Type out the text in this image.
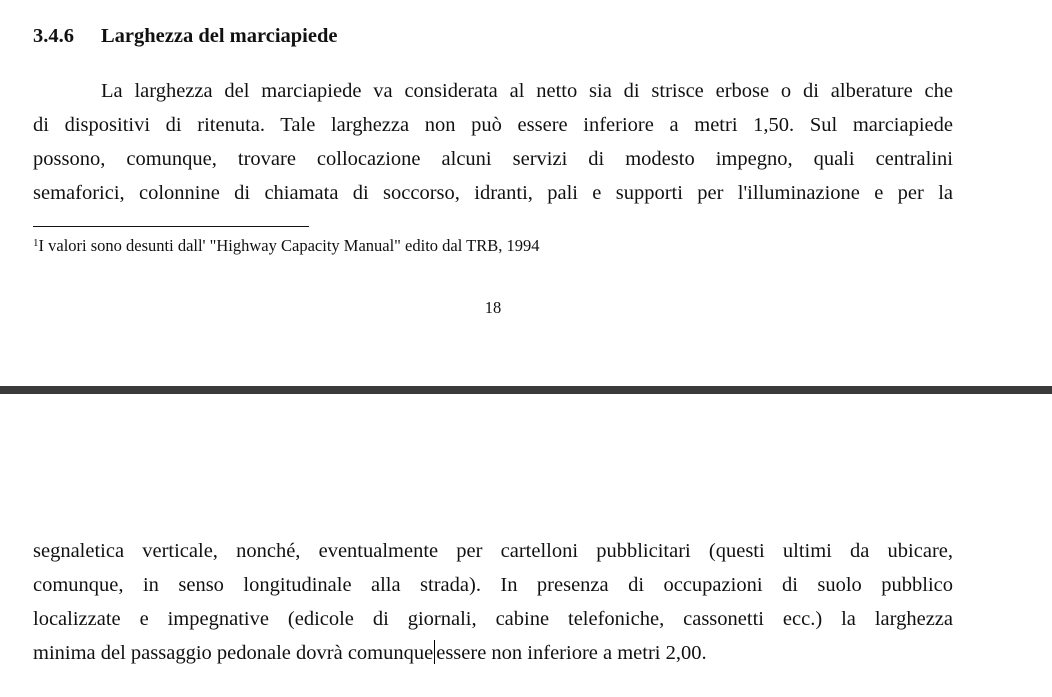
3.4.6 Larghezza del marciapiede
La larghezza del marciapiede va considerata al netto sia di strisce erbose o di alberature che
di dispositivi di ritenuta. Tale larghezza non può essere inferiore a metri 1,50. Sul marciapiede
possono, comunque, trovare collocazione alcuni servizi di modesto impegno, quali centralini
semaforici, colonnine di chiamata di soccorso, idranti, pali e supporti per l'illuminazione e per la
$^1$I valori sono desunti dall' "Highway Capacity Manual" edito dal TRB, 1994
18
segnaletica verticale, nonché, eventualmente per cartelloni pubblicitari (questi ultimi da ubicare,
comunque, in senso longitudinale alla strada). In presenza di occupazioni di suolo pubblico
localizzate e impegnative (edicole di giornali, cabine telefoniche, cassonetti ecc.) la larghezza
minima del passaggio pedonale dovrà comunque essere non inferiore a metri 2,00.
